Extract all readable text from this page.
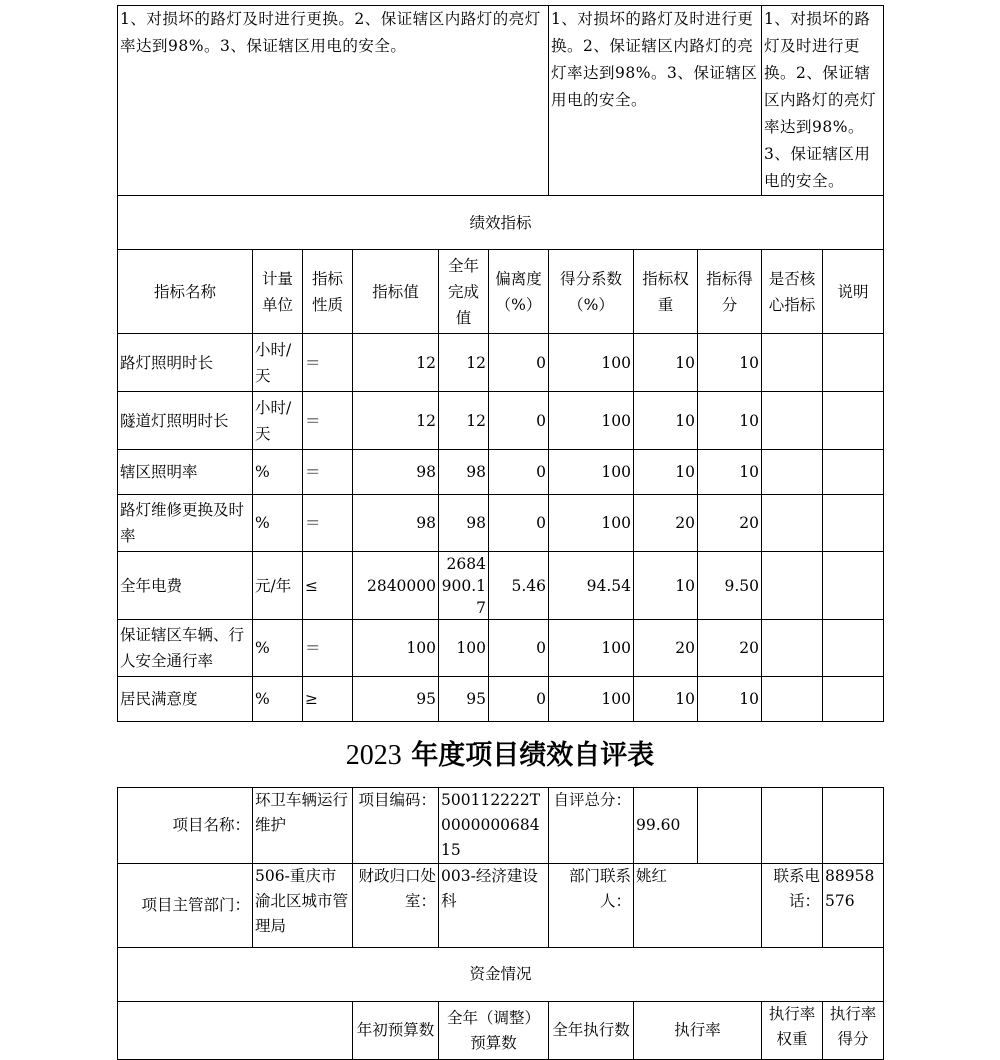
1、对损坏的路灯及时进行更换。2、保证辖区内路灯的亮灯率达到98%。3、保证辖区用电的安全。						1、对损坏的路灯及时进行更换。2、保证辖区内路灯的亮灯率达到98%。3、保证辖区用电的安全。			1、对损坏的路灯及时进行更换。2、保证辖区内路灯的亮灯率达到98%。3、保证辖区用电的安全。	
绩效指标										
指标名称	计量单位	指标性质	指标值	全年完成值	偏离度（%）	得分系数（%）	指标权重	指标得分	是否核心指标	说明
路灯照明时长	小时/天	＝	12	12	0	100	10	10		
隧道灯照明时长	小时/天	＝	12	12	0	100	10	10		
辖区照明率	%	＝	98	98	0	100	10	10		
路灯维修更换及时率	%	＝	98	98	0	100	20	20		
全年电费	元/年	≤	2840000	2684900.17	5.46	94.54	10	9.50		
保证辖区车辆、行人安全通行率	%	＝	100	100	0	100	20	20		
居民满意度	%	≥	95	95	0	100	10	10		
2023 年度项目绩效自评表
项目名称：	环卫车辆运行维护	项目编码：	500112222T000000068415	自评总分：	99.60			
项目主管部门：	506-重庆市渝北区城市管理局	财政归口处室：	003-经济建设科	部门联系人：	姚红		联系电话：	88958576
资金情况								
		年初预算数	全年（调整）预算数	全年执行数	执行率		执行率权重	执行率得分
